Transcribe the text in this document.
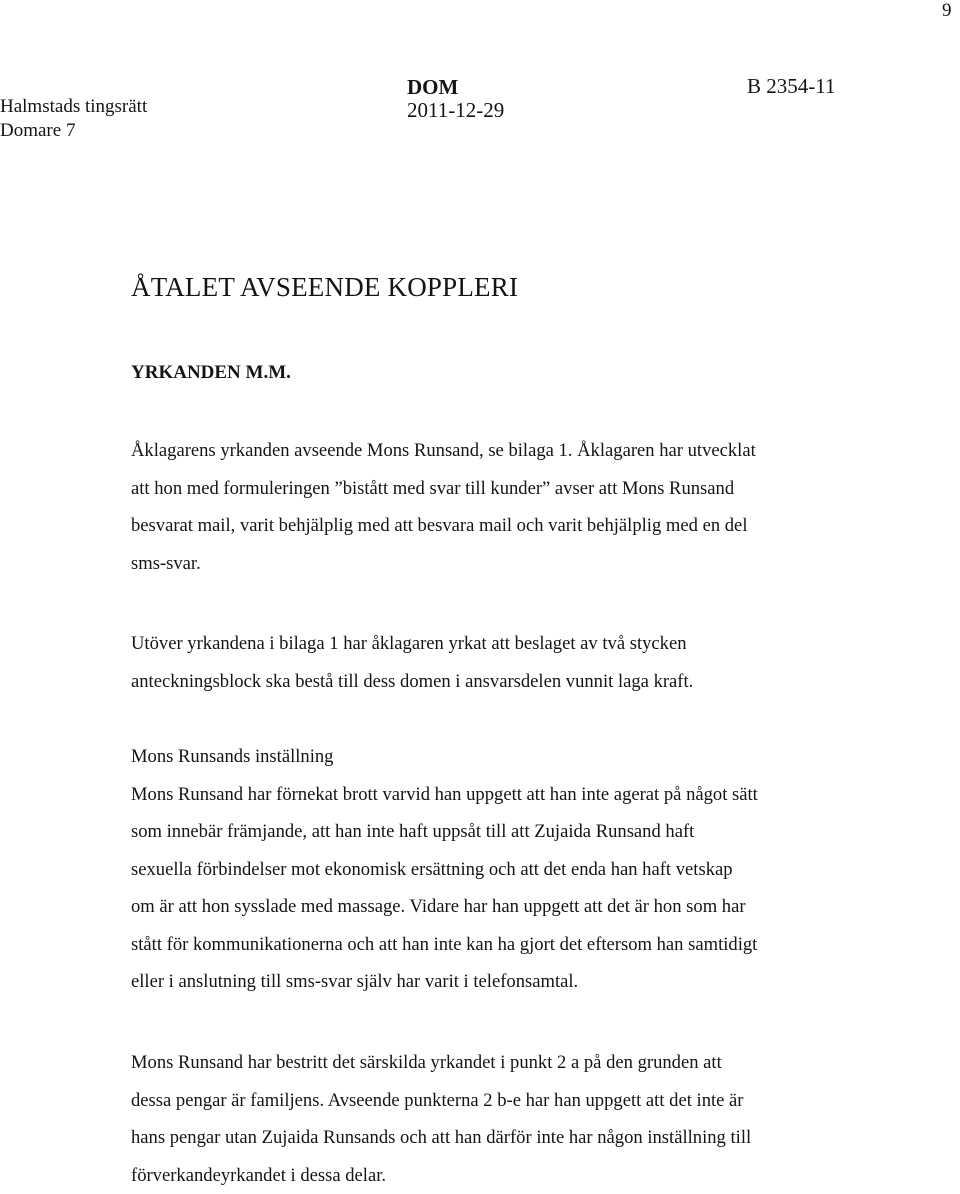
9
Halmstads tingsrätt
Domare 7
DOM
2011-12-29
B 2354-11
ÅTALET AVSEENDE KOPPLERI
YRKANDEN M.M.
Åklagarens yrkanden avseende Mons Runsand, se bilaga 1. Åklagaren har utvecklat
att hon med formuleringen ”bistått med svar till kunder” avser att Mons Runsand
besvarat mail, varit behjälplig med att besvara mail och varit behjälplig med en del
sms-svar.
Utöver yrkandena i bilaga 1 har åklagaren yrkat att beslaget av två stycken
anteckningsblock ska bestå till dess domen i ansvarsdelen vunnit laga kraft.
Mons Runsands inställning
Mons Runsand har förnekat brott varvid han uppgett att han inte agerat på något sätt
som innebär främjande, att han inte haft uppsåt till att Zujaida Runsand haft
sexuella förbindelser mot ekonomisk ersättning och att det enda han haft vetskap
om är att hon sysslade med massage. Vidare har han uppgett att det är hon som har
stått för kommunikationerna och att han inte kan ha gjort det eftersom han samtidigt
eller i anslutning till sms-svar själv har varit i telefonsamtal.
Mons Runsand har bestritt det särskilda yrkandet i punkt 2 a på den grunden att
dessa pengar är familjens. Avseende punkterna 2 b-e har han uppgett att det inte är
hans pengar utan Zujaida Runsands och att han därför inte har någon inställning till
förverkandeyrkandet i dessa delar.
